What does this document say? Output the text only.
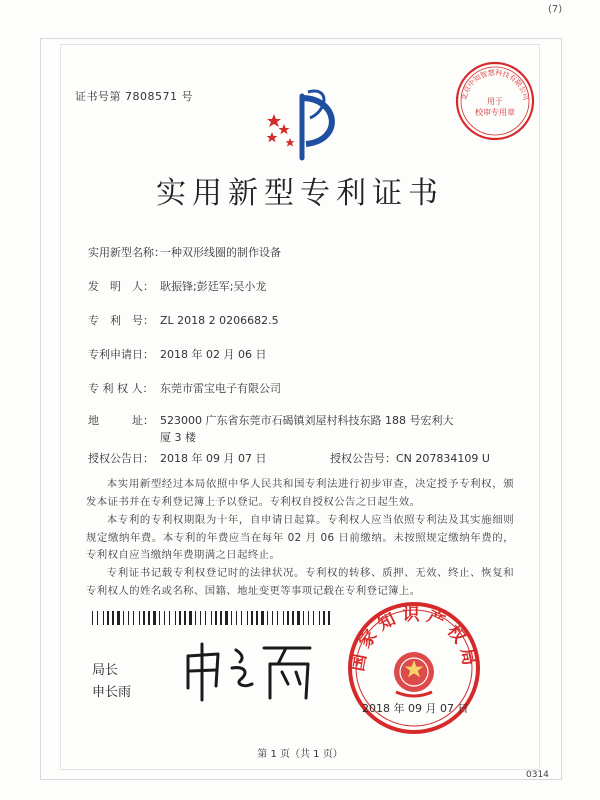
(7)
证书号第 7808571 号	北京中知智慧科技有限公司
用于
校审专用章
实用新型专利证书
实用新型名称：一种双形线圈的制作设备
发　明　人： 耿振锋;彭廷军;吴小龙
专　利　号： ZL 2018 2 0206682.5
专利申请日： 2018 年 02 月 06 日
专 利 权 人： 东莞市雷宝电子有限公司
地　　　址： 523000 广东省东莞市石碣镇刘屋村科技东路 188 号宏利大厦 3 楼
授权公告日： 2018 年 09 月 07 日	授权公告号：CN 207834109 U

本实用新型经过本局依照中华人民共和国专利法进行初步审查，决定授予专利权，颁发本证书并在专利登记簿上予以登记。专利权自授权公告之日起生效。

本专利的专利权期限为十年，自申请日起算。专利权人应当依照专利法及其实施细则规定缴纳年费。本专利的年费应当在每年 02 月 06 日前缴纳。未按照规定缴纳年费的，专利权自应当缴纳年费期满之日起终止。

专利证书记载专利权登记时的法律状况。专利权的转移、质押、无效、终止、恢复和专利权人的姓名或名称、国籍、地址变更等事项记载在专利登记簿上。

局长
申长雨
国家知识产权局
2018 年 09 月 07 日
第 1 页（共 1 页）
0314
